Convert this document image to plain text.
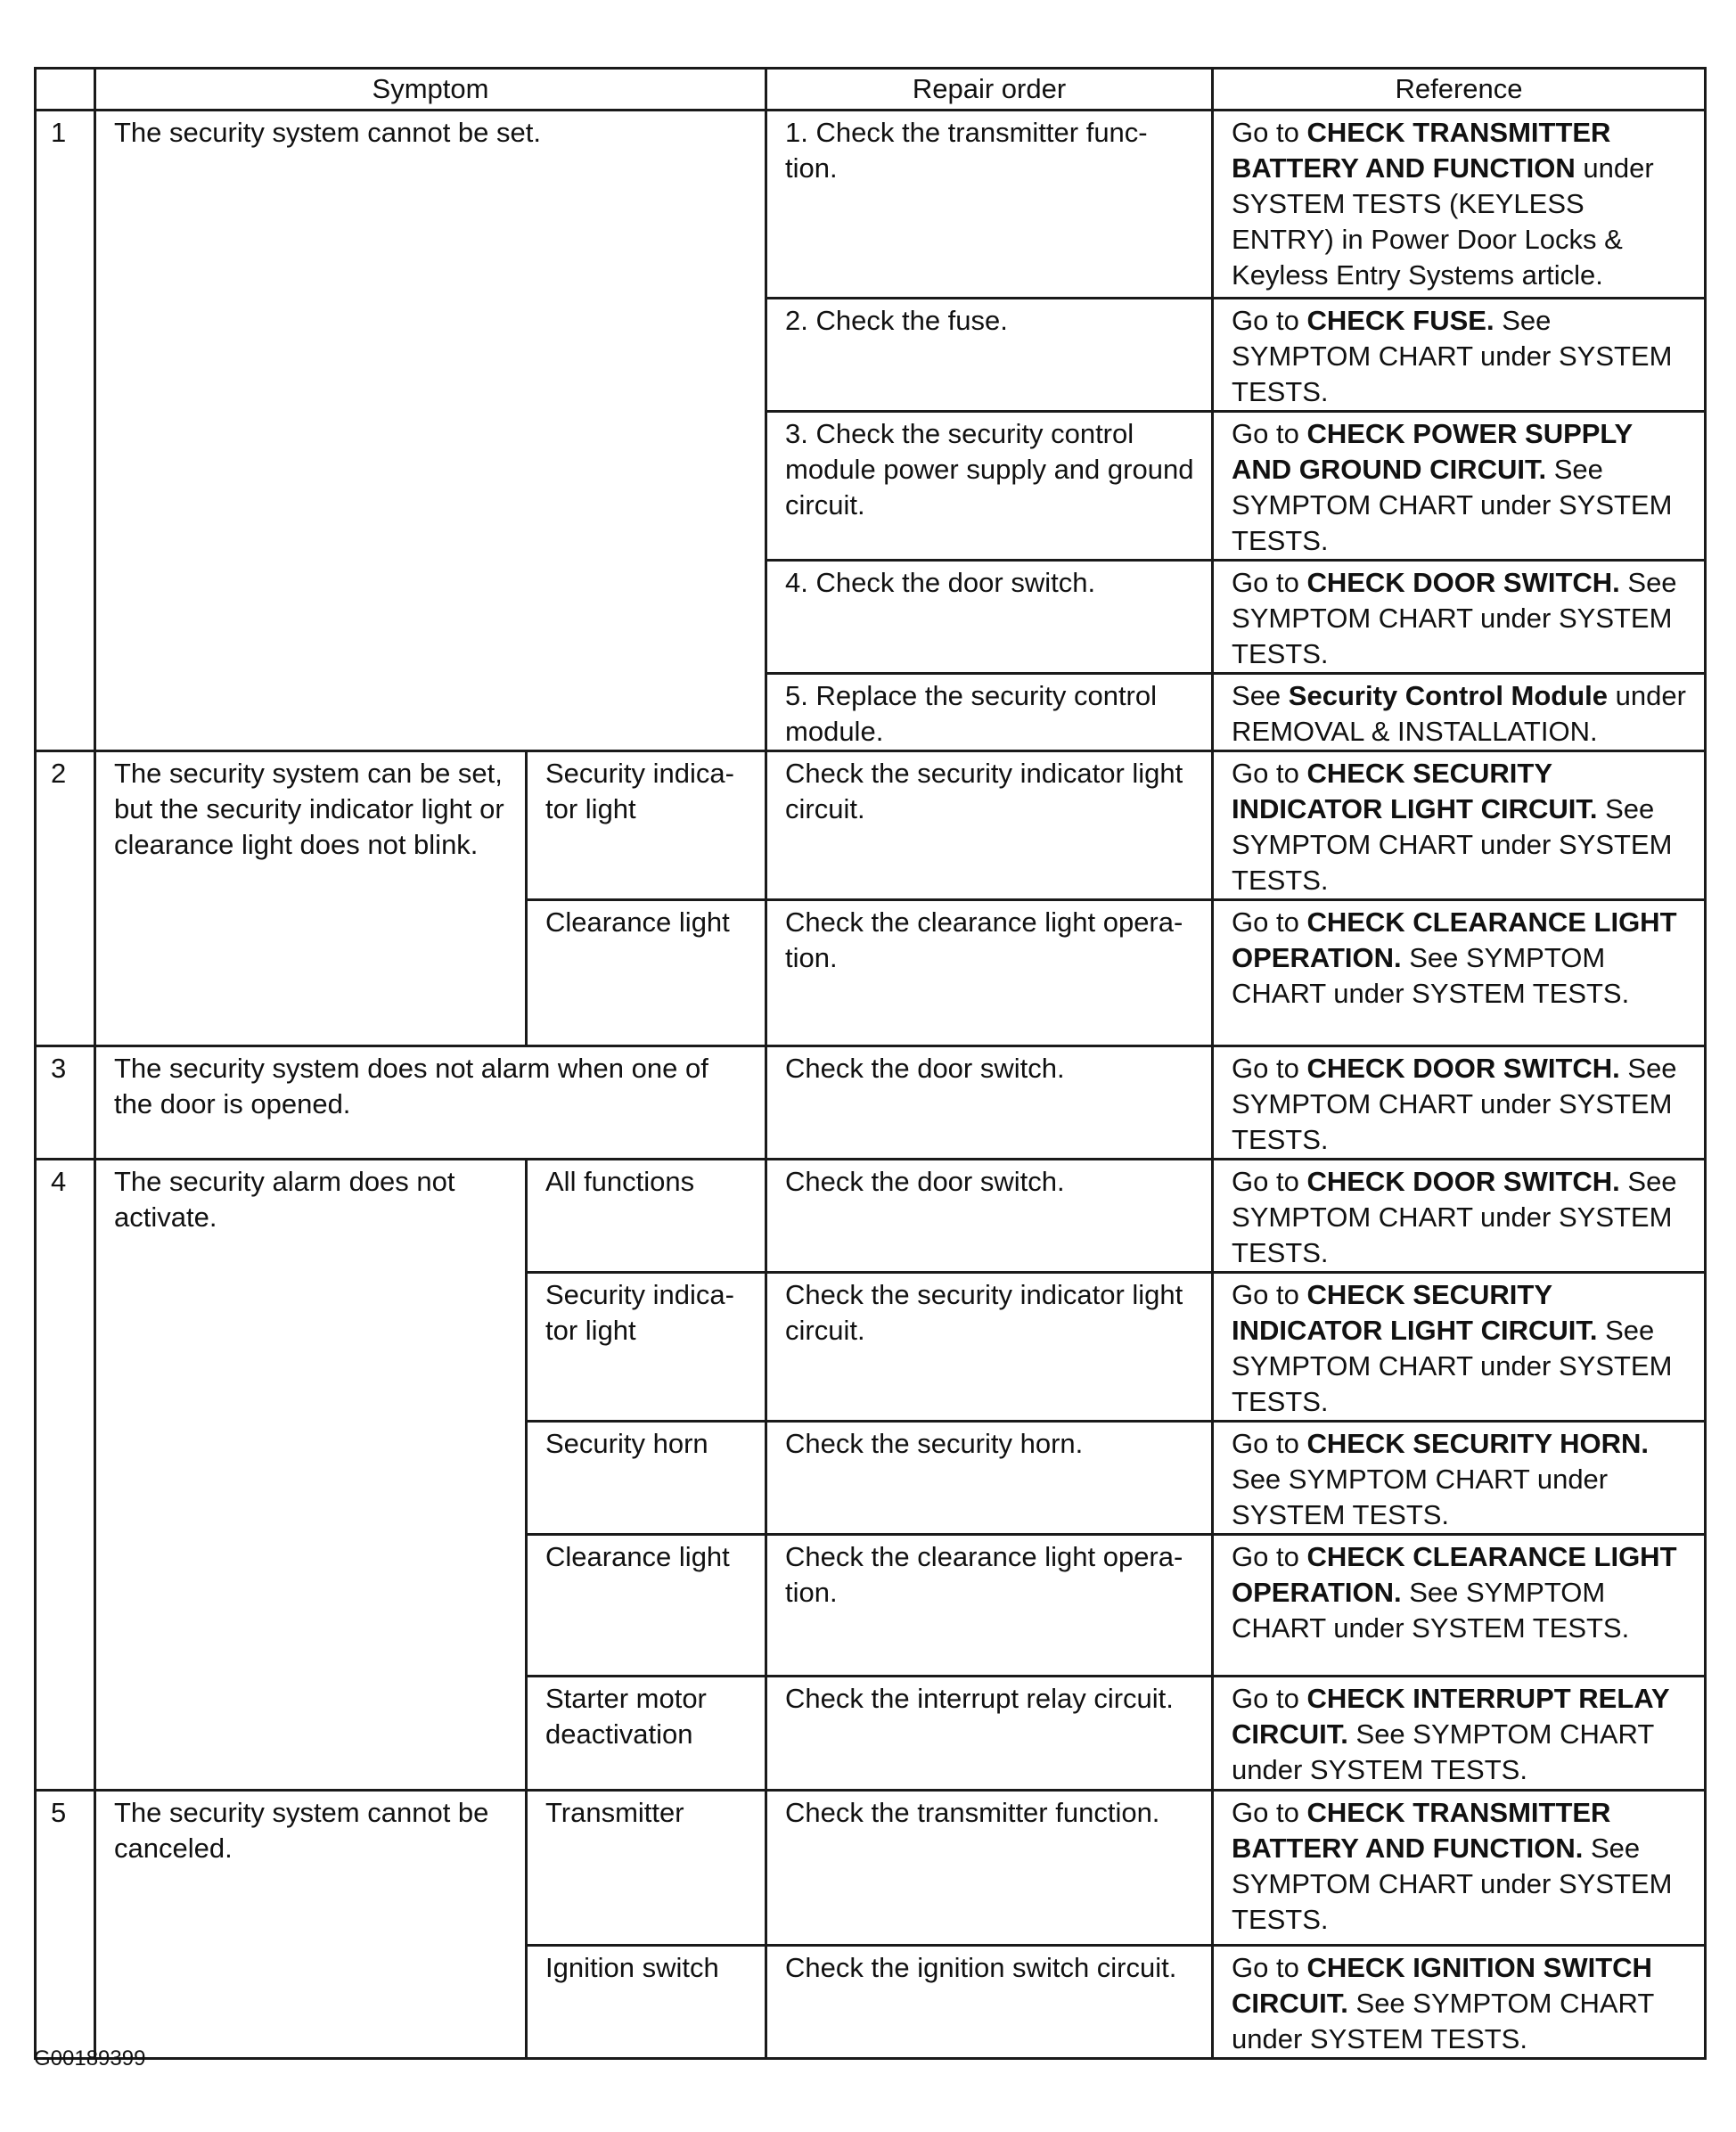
	Symptom		Repair order	Reference
1	The security system cannot be set.		1. Check the transmitter func- tion.	Go to CHECK TRANSMITTER BATTERY AND FUNCTION under SYSTEM TESTS (KEYLESS ENTRY) in Power Door Locks & Keyless Entry Systems article.
			2. Check the fuse.	Go to CHECK FUSE. See SYMPTOM CHART under SYSTEM TESTS.
			3. Check the security control module power supply and ground circuit.	Go to CHECK POWER SUPPLY AND GROUND CIRCUIT. See SYMPTOM CHART under SYSTEM TESTS.
			4. Check the door switch.	Go to CHECK DOOR SWITCH. See SYMPTOM CHART under SYSTEM TESTS.
			5. Replace the security control module.	See Security Control Module under REMOVAL & INSTALLATION.
2	The security system can be set, but the security indicator light or clearance light does not blink.	Security indica- tor light	Check the security indicator light circuit.	Go to CHECK SECURITY INDICATOR LIGHT CIRCUIT. See SYMPTOM CHART under SYSTEM TESTS.
		Clearance light	Check the clearance light opera- tion.	Go to CHECK CLEARANCE LIGHT OPERATION. See SYMPTOM CHART under SYSTEM TESTS.
3	The security system does not alarm when one of the door is opened.		Check the door switch.	Go to CHECK DOOR SWITCH. See SYMPTOM CHART under SYSTEM TESTS.
4	The security alarm does not activate.	All functions	Check the door switch.	Go to CHECK DOOR SWITCH. See SYMPTOM CHART under SYSTEM TESTS.
		Security indica- tor light	Check the security indicator light circuit.	Go to CHECK SECURITY INDICATOR LIGHT CIRCUIT. See SYMPTOM CHART under SYSTEM TESTS.
		Security horn	Check the security horn.	Go to CHECK SECURITY HORN. See SYMPTOM CHART under SYSTEM TESTS.
		Clearance light	Check the clearance light opera- tion.	Go to CHECK CLEARANCE LIGHT OPERATION. See SYMPTOM CHART under SYSTEM TESTS.
		Starter motor deactivation	Check the interrupt relay circuit.	Go to CHECK INTERRUPT RELAY CIRCUIT. See SYMPTOM CHART under SYSTEM TESTS.
5	The security system cannot be canceled.	Transmitter	Check the transmitter function.	Go to CHECK TRANSMITTER BATTERY AND FUNCTION. See SYMPTOM CHART under SYSTEM TESTS.
		Ignition switch	Check the ignition switch circuit.	Go to CHECK IGNITION SWITCH CIRCUIT. See SYMPTOM CHART under SYSTEM TESTS.
G00189399
